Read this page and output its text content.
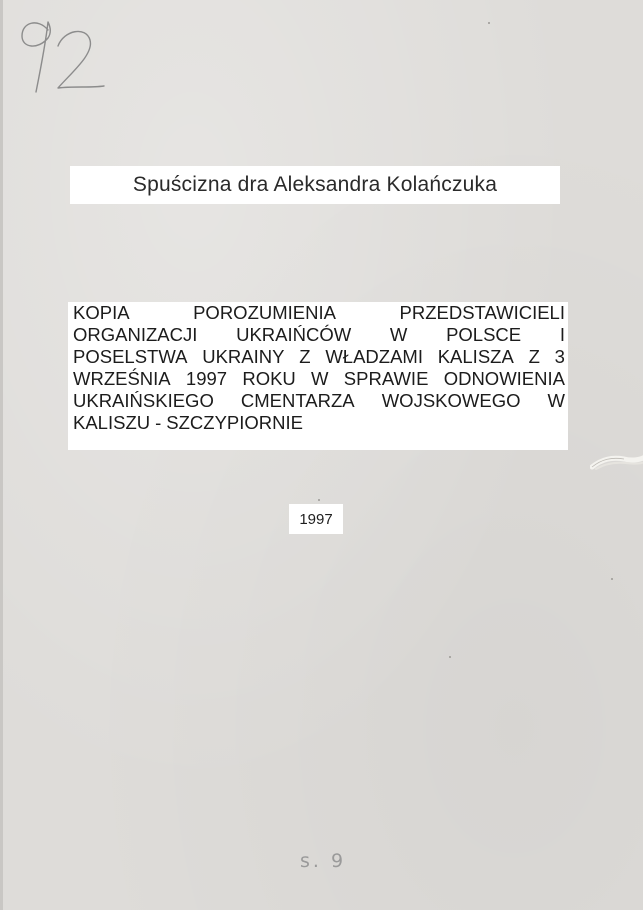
Spuścizna dra Aleksandra Kolańczuka
KOPIA	POROZUMIENIA	PRZEDSTAWICIELI
ORGANIZACJI UKRAIŃCÓW W POLSCE I
POSELSTWA UKRAINY Z WŁADZAMI KALISZA Z 3
WRZEŚNIA 1997 ROKU W SPRAWIE ODNOWIENIA
UKRAIŃSKIEGO CMENTARZA WOJSKOWEGO W
KALISZU - SZCZYPIORNIE
1997
s. 9
